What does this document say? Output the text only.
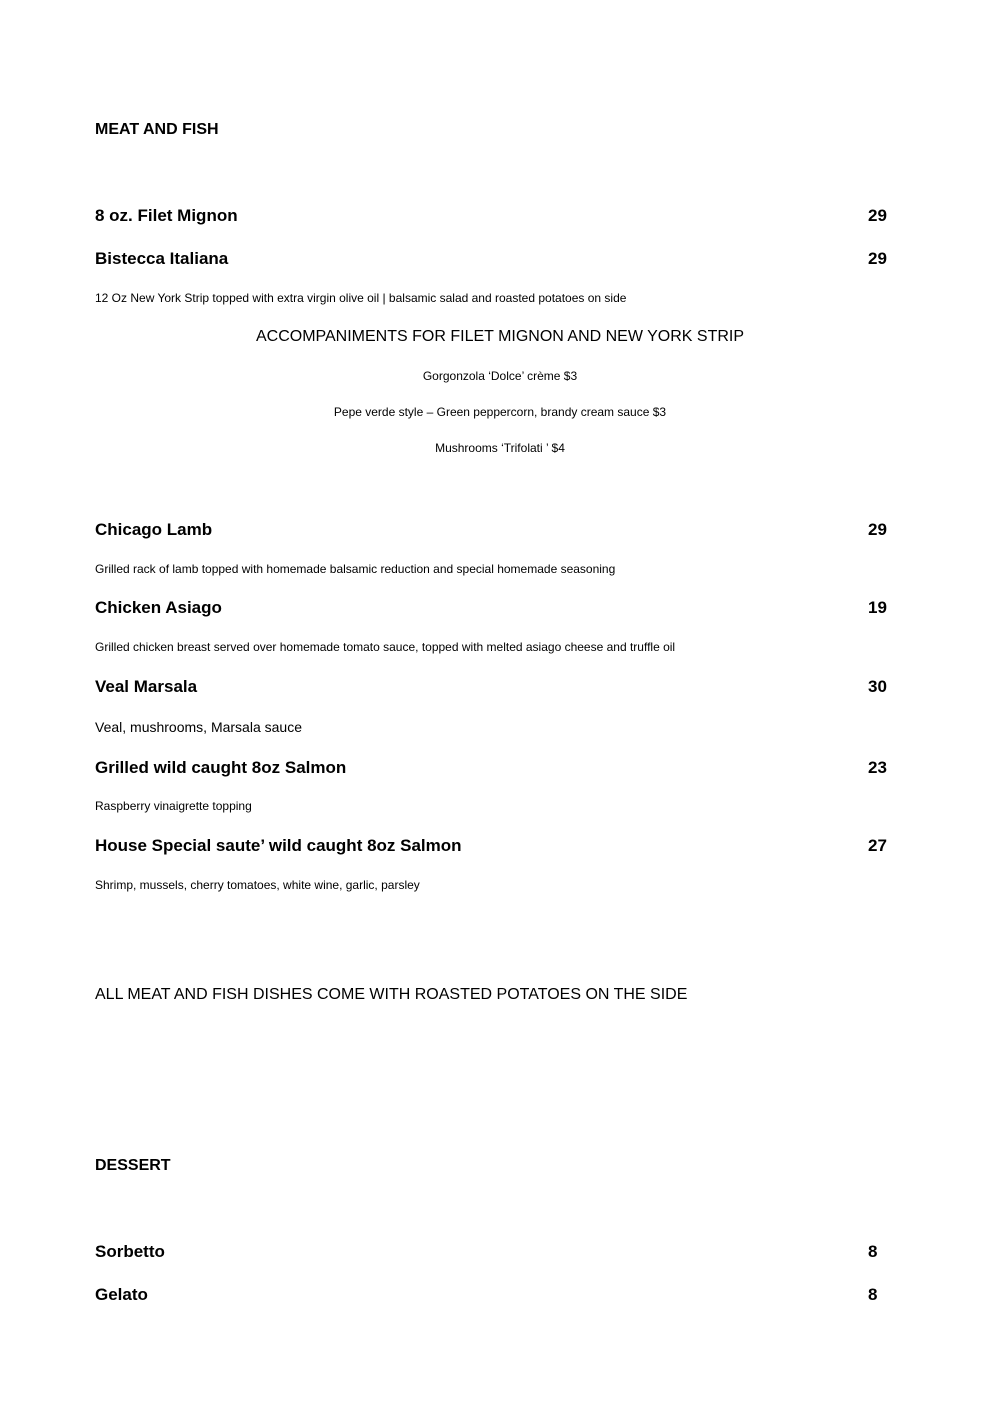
MEAT AND FISH
8 oz. Filet Mignon	29
Bistecca Italiana	29
12 Oz New York Strip topped with extra virgin olive oil | balsamic salad and roasted potatoes on side
ACCOMPANIMENTS FOR FILET MIGNON AND NEW YORK STRIP
Gorgonzola ‘Dolce’ crème $3
Pepe verde style – Green peppercorn, brandy cream sauce $3
Mushrooms ‘Trifolati ’ $4
Chicago Lamb	29
Grilled rack of lamb topped with homemade balsamic reduction and special homemade seasoning
Chicken Asiago	19
Grilled chicken breast served over homemade tomato sauce, topped with melted asiago cheese and truffle oil
Veal Marsala	30
Veal, mushrooms, Marsala sauce
Grilled wild caught 8oz Salmon	23
Raspberry vinaigrette topping
House Special saute’ wild caught 8oz Salmon	27
Shrimp, mussels, cherry tomatoes, white wine, garlic, parsley
ALL MEAT AND FISH DISHES COME WITH ROASTED POTATOES ON THE SIDE
DESSERT
Sorbetto	8
Gelato	8
